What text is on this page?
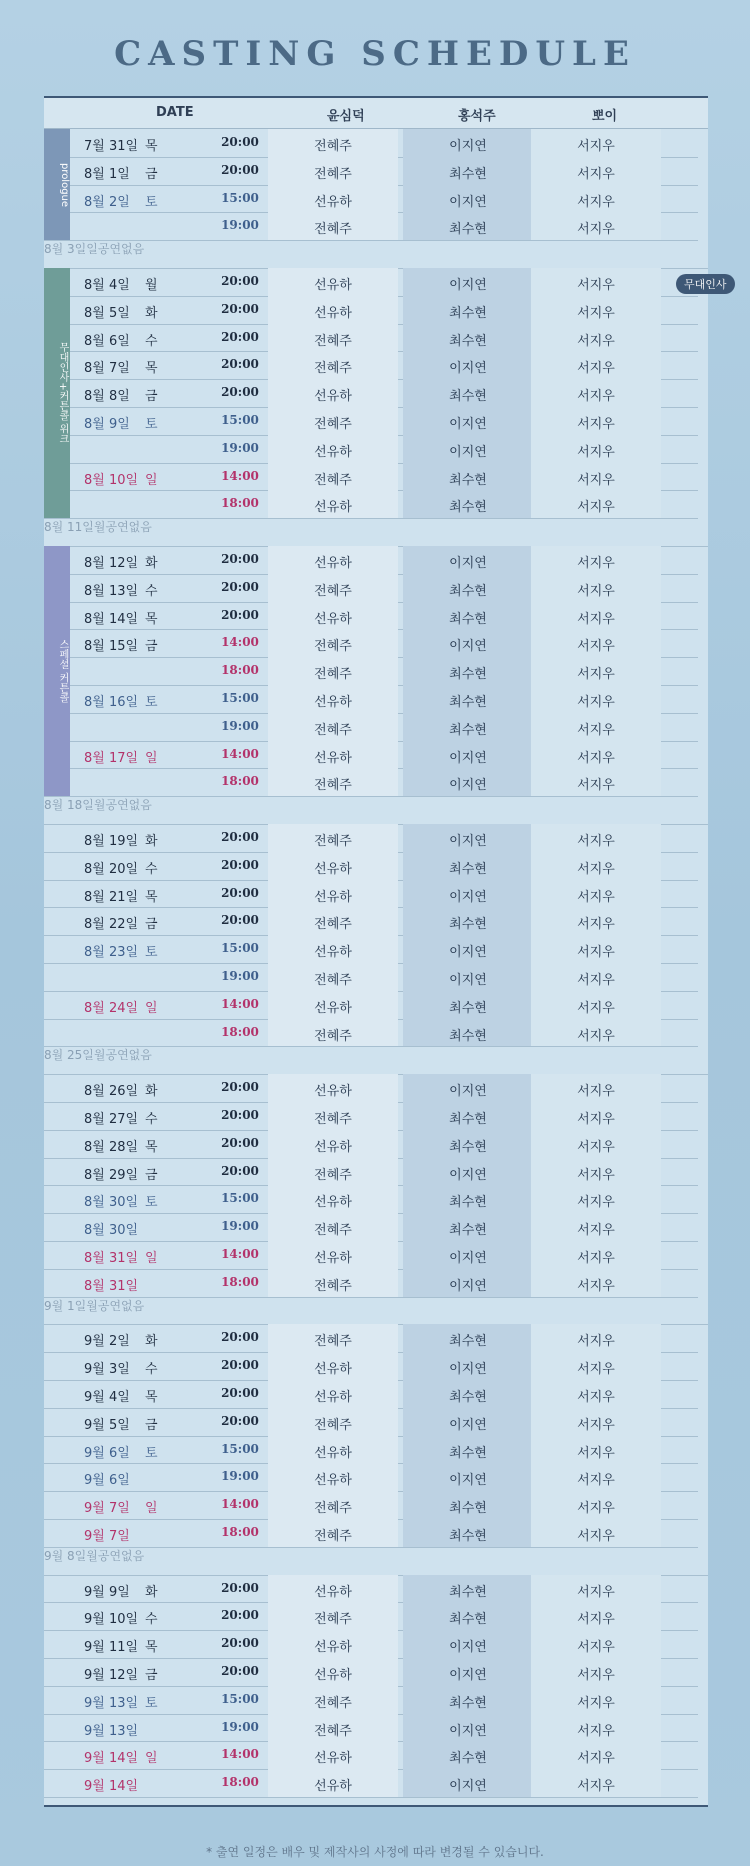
CASTING SCHEDULE
DATE	윤심덕	홍석주	뽀이
7월 31일 목	20:00	전혜주	이지연	서지우
8월 1일 금	20:00	전혜주	최수현	서지우
8월 2일 토	15:00	선유하	이지연	서지우
19:00	전혜주	최수현	서지우
8월 3일일공연없음
8월 4일 월	20:00	선유하	이지연	서지우
8월 5일 화	20:00	선유하	최수현	서지우
8월 6일 수	20:00	전혜주	최수현	서지우
8월 7일 목	20:00	전혜주	이지연	서지우
8월 8일 금	20:00	선유하	최수현	서지우
8월 9일 토	15:00	전혜주	이지연	서지우
19:00	선유하	이지연	서지우
8월 10일 일	14:00	전혜주	최수현	서지우
18:00	선유하	최수현	서지우
8월 11일월공연없음
8월 12일 화	20:00	선유하	이지연	서지우
8월 13일 수	20:00	전혜주	최수현	서지우
8월 14일 목	20:00	선유하	최수현	서지우
8월 15일 금	14:00	전혜주	이지연	서지우
18:00	전혜주	최수현	서지우
8월 16일 토	15:00	선유하	최수현	서지우
19:00	전혜주	최수현	서지우
8월 17일 일	14:00	선유하	이지연	서지우
18:00	전혜주	이지연	서지우
8월 18일월공연없음
8월 19일 화	20:00	전혜주	이지연	서지우
8월 20일 수	20:00	선유하	최수현	서지우
8월 21일 목	20:00	선유하	이지연	서지우
8월 22일 금	20:00	전혜주	최수현	서지우
8월 23일 토	15:00	선유하	이지연	서지우
19:00	전혜주	이지연	서지우
8월 24일 일	14:00	선유하	최수현	서지우
18:00	전혜주	최수현	서지우
8월 25일월공연없음
8월 26일 화	20:00	선유하	이지연	서지우
8월 27일 수	20:00	전혜주	최수현	서지우
8월 28일 목	20:00	선유하	최수현	서지우
8월 29일 금	20:00	전혜주	이지연	서지우
8월 30일 토	15:00	선유하	최수현	서지우
8월 30일	19:00	전혜주	최수현	서지우
8월 31일 일	14:00	선유하	이지연	서지우
8월 31일	18:00	전혜주	이지연	서지우
9월 1일월공연없음
9월 2일 화	20:00	전혜주	최수현	서지우
9월 3일 수	20:00	선유하	이지연	서지우
9월 4일 목	20:00	선유하	최수현	서지우
9월 5일 금	20:00	전혜주	이지연	서지우
9월 6일 토	15:00	선유하	최수현	서지우
9월 6일	19:00	선유하	이지연	서지우
9월 7일 일	14:00	전혜주	최수현	서지우
9월 7일	18:00	전혜주	최수현	서지우
9월 8일월공연없음
9월 9일 화	20:00	선유하	최수현	서지우
9월 10일 수	20:00	전혜주	최수현	서지우
9월 11일 목	20:00	선유하	이지연	서지우
9월 12일 금	20:00	선유하	이지연	서지우
9월 13일 토	15:00	전혜주	최수현	서지우
9월 13일	19:00	전혜주	이지연	서지우
9월 14일 일	14:00	선유하	최수현	서지우
9월 14일	18:00	선유하	이지연	서지우
prologue
무대인사+커튼콜 위크
스페셜 커튼콜
무대인사
* 출연 일정은 배우 및 제작사의 사정에 따라 변경될 수 있습니다.
